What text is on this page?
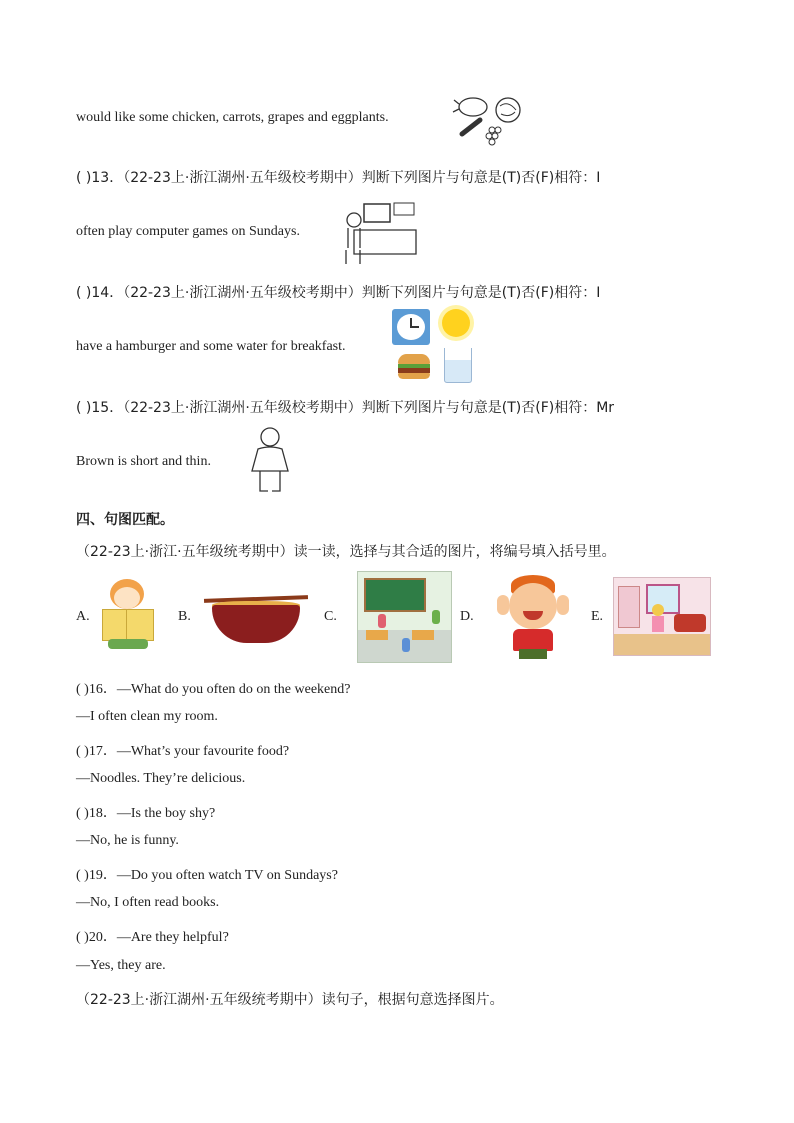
would like some chicken, carrots, grapes and eggplants.
( )13．（22-23上·浙江湖州·五年级校考期中）判断下列图片与句意是(T)否(F)相符：I
often play computer games on Sundays.
( )14．（22-23上·浙江湖州·五年级校考期中）判断下列图片与句意是(T)否(F)相符：I
have a hamburger and some water for breakfast.
( )15．（22-23上·浙江湖州·五年级校考期中）判断下列图片与句意是(T)否(F)相符：Mr
Brown is short and thin.
四、句图匹配。
（22-23上·浙江·五年级统考期中）读一读，选择与其合适的图片，将编号填入括号里。
A.	B.	C.	D.	E.
( )16．—What do you often do on the weekend?
—I often clean my room.
( )17．—What’s your favourite food?
—Noodles. They’re delicious.
( )18．—Is the boy shy?
—No, he is funny.
( )19．—Do you often watch TV on Sundays?
—No, I often read books.
( )20．—Are they helpful?
—Yes, they are.
（22-23上·浙江湖州·五年级统考期中）读句子，根据句意选择图片。
